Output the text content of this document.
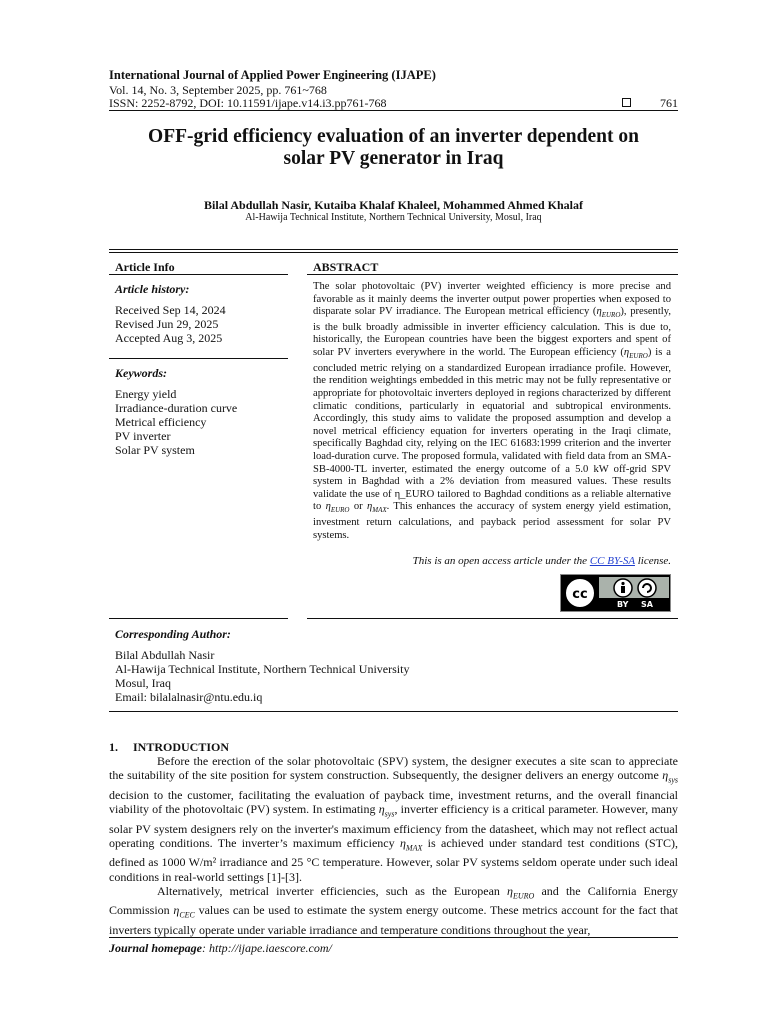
International Journal of Applied Power Engineering (IJAPE)
Vol. 14, No. 3, September 2025, pp. 761~768
ISSN: 2252-8792, DOI: 10.11591/ijape.v14.i3.pp761-768	761
OFF-grid efficiency evaluation of an inverter dependent on
solar PV generator in Iraq
Bilal Abdullah Nasir, Kutaiba Khalaf Khaleel, Mohammed Ahmed Khalaf
Al-Hawija Technical Institute, Northern Technical University, Mosul, Iraq
Article Info
Article history:
Received Sep 14, 2024
Revised Jun 29, 2025
Accepted Aug 3, 2025
Keywords:
Energy yield
Irradiance-duration curve
Metrical efficiency
PV inverter
Solar PV system
ABSTRACT

The solar photovoltaic (PV) inverter weighted efficiency is more precise and favorable as it mainly deems the inverter output power properties when exposed to disparate solar PV irradiance. The European metrical efficiency $(\eta_{EURO})$, presently, is the bulk broadly admissible in inverter efficiency calculation. This is due to, historically, the European countries have been the biggest exporters and spent of solar PV inverters everywhere in the world. The European efficiency $(\eta_{EURO})$ is a concluded metric relying on a standardized European irradiance profile. However, the rendition weightings embedded in this metric may not be fully representative or appropriate for photovoltaic inverters deployed in regions characterized by different climatic conditions, particularly in equatorial and subtropical environments. Accordingly, this study aims to validate the proposed assumption and develop a novel metrical efficiency equation for inverters operating in the Iraqi climate, specifically Baghdad city, relying on the IEC 61683:1999 criterion and the inverter load-duration curve. The proposed formula, validated with field data from an SMA-SB-4000-TL inverter, estimated the energy outcome of a 5.0 kW off-grid SPV system in Baghdad with a 2% deviation from measured values. These results validate the use of η_EURO tailored to Baghdad conditions as a reliable alternative to $\eta_{EURO}$ or $\eta_{MAX}$. This enhances the accuracy of system energy yield estimation, investment return calculations, and payback period assessment for solar PV systems.

This is an open access article under the CC BY-SA license.
cc
BY SA
Corresponding Author:
Bilal Abdullah Nasir
Al-Hawija Technical Institute, Northern Technical University
Mosul, Iraq
Email: bilalalnasir@ntu.edu.iq
1.     INTRODUCTION

Before the erection of the solar photovoltaic (SPV) system, the designer executes a site scan to appreciate the suitability of the site position for system construction. Subsequently, the designer delivers an energy outcome $\eta_{sys}$ decision to the customer, facilitating the evaluation of payback time, investment returns, and the overall financial viability of the photovoltaic (PV) system. In estimating $\eta_{sys}$, inverter efficiency is a critical parameter. However, many solar PV system designers rely on the inverter's maximum efficiency from the datasheet, which may not reflect actual operating conditions. The inverter’s maximum efficiency $\eta_{MAX}$ is achieved under standard test conditions (STC), defined as 1000 W/m² irradiance and 25 °C temperature. However, solar PV systems seldom operate under such ideal conditions in real-world settings [1]-[3].

Alternatively, metrical inverter efficiencies, such as the European $\eta_{EURO}$ and the California Energy Commission $\eta_{CEC}$ values can be used to estimate the system energy outcome. These metrics account for the fact that inverters typically operate under variable irradiance and temperature conditions throughout the year,

Journal homepage: http://ijape.iaescore.com/
